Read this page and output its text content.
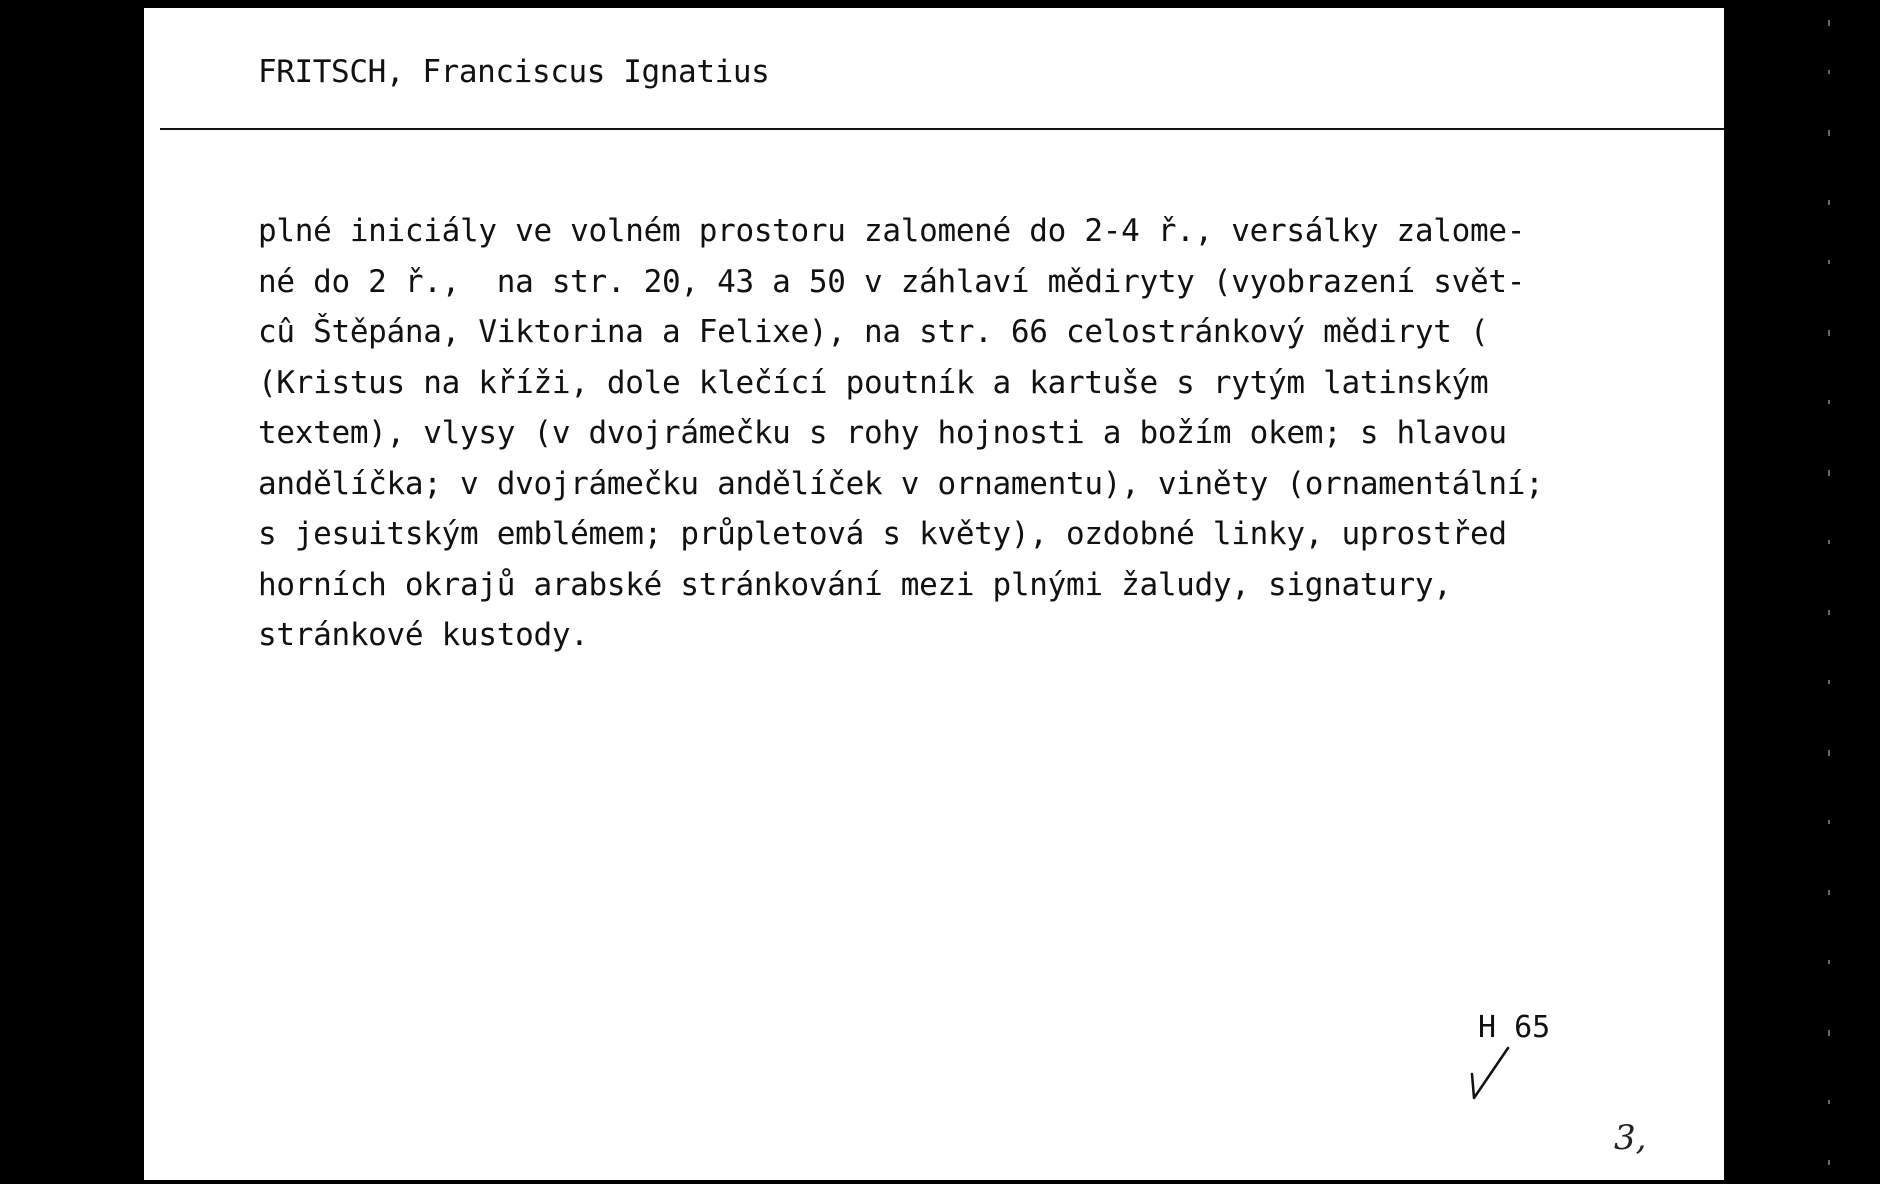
FRITSCH, Franciscus Ignatius
plné iniciály ve volném prostoru zalomené do 2-4 ř., versálky zalome-
né do 2 ř.,  na str. 20, 43 a 50 v záhlaví mědiryty (vyobrazení svět-
cû Štěpána, Viktorina a Felixe), na str. 66 celostránkový mědiryt (
(Kristus na kříži, dole klečící poutník a kartuše s rytým latinským
textem), vlysy (v dvojrámečku s rohy hojnosti a božím okem; s hlavou
andělíčka; v dvojrámečku andělíček v ornamentu), viněty (ornamentální;
s jesuitským emblémem; průpletová s květy), ozdobné linky, uprostřed
horních okrajů arabské stránkování mezi plnými žaludy, signatury,
stránkové kustody.
H 65
3,
